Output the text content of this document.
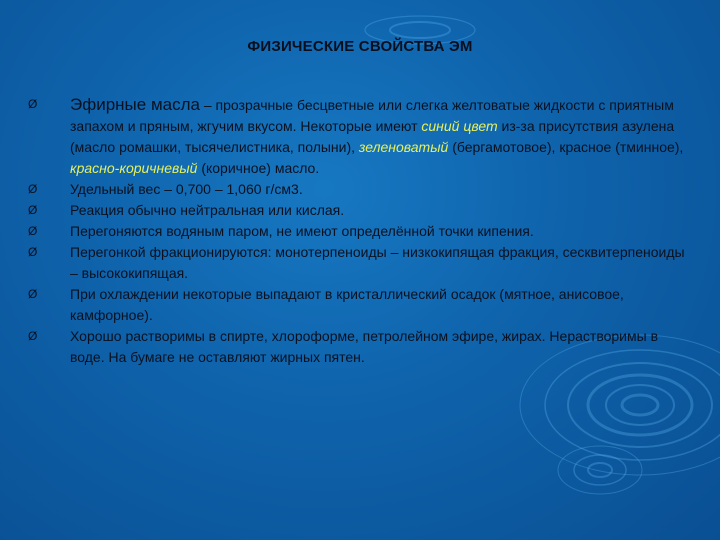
ФИЗИЧЕСКИЕ СВОЙСТВА ЭМ
Ø Эфирные масла – прозрачные бесцветные или слегка желтоватые жидкости с приятным запахом и пряным, жгучим вкусом. Некоторые имеют синий цвет из-за присутствия азулена (масло ромашки, тысячелистника, полыни), зеленоватый (бергамотовое), красное (тминное), красно-коричневый (коричное) масло.
Ø	Удельный вес – 0,700 – 1,060 г/см3.
Ø	Реакция обычно нейтральная или кислая.
Ø	Перегоняются водяным паром, не имеют определённой точки кипения.
Ø	Перегонкой фракционируются: монотерпеноиды – низкокипящая фракция, сесквитерпеноиды – высококипящая.
Ø	При охлаждении некоторые выпадают в кристаллический осадок (мятное, анисовое, камфорное).
Ø	Хорошо растворимы в спирте, хлороформе, петролейном эфире, жирах. Нерастворимы в воде. На бумаге не оставляют жирных пятен.
